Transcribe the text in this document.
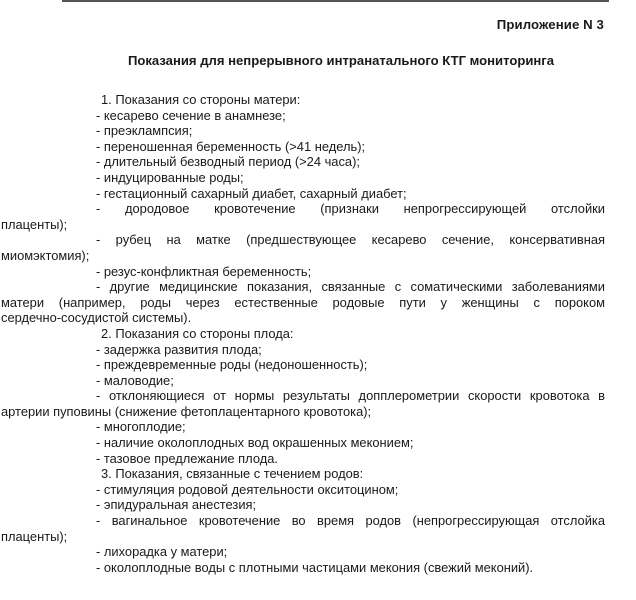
Приложение N 3
Показания для непрерывного интранатального КТГ мониторинга
1. Показания со стороны матери:
- кесарево сечение в анамнезе;
- преэклампсия;
- переношенная беременность (>41 недель);
- длительный безводный период (>24 часа);
- индуцированные роды;
- гестационный сахарный диабет, сахарный диабет;
- дородовое кровотечение (признаки непрогрессирующей отслойки
плаценты);
- рубец на матке (предшествующее кесарево сечение, консервативная
миомэктомия);
- резус-конфликтная беременность;
- другие медицинские показания, связанные с соматическими заболеваниями
матери (например, роды через естественные родовые пути у женщины с пороком
сердечно-сосудистой системы).
2. Показания со стороны плода:
- задержка развития плода;
- преждевременные роды (недоношенность);
- маловодие;
- отклоняющиеся от нормы результаты допплерометрии скорости кровотока в
артерии пуповины (снижение фетоплацентарного кровотока);
- многоплодие;
- наличие околоплодных вод окрашенных меконием;
- тазовое предлежание плода.
3. Показания, связанные с течением родов:
- стимуляция родовой деятельности окситоцином;
- эпидуральная анестезия;
- вагинальное кровотечение во время родов (непрогрессирующая отслойка
плаценты);
- лихорадка у матери;
- околоплодные воды с плотными частицами мекония (свежий меконий).
